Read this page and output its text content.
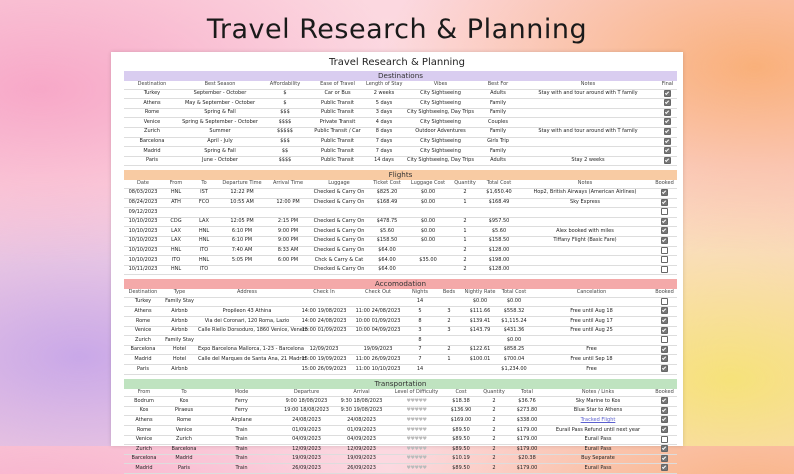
Travel Research & Planning
Travel Research & Planning
Destinations
Destination	Best Season	Affordability	Ease of Travel	Length of Stay	Vibes	Best For	Notes	Final
Turkey	September - October	$	Car or Bus	2 weeks	City Sightseeing	Adults	Stay with and tour around with T family	
Athens	May & September - October	$	Public Transit	5 days	City Sightseeing	Family		
Rome	Spring & Fall	$$$	Public Transit	3 days	City Sightseeing, Day Trips	Family		
Venice	Spring & September - October	$$$$	Private Transit	4 days	City Sightseeing	Couples		
Zurich	Summer	$$$$$	Public Transit / Car	8 days	Outdoor Adventures	Family	Stay with and tour around with T family	
Barcelona	April - July	$$$	Public Transit	7 days	City Sightseeing	Girls Trip		
Madrid	Spring & Fall	$$	Public Transit	7 days	City Sightseeing	Family		
Paris	June - October	$$$$	Public Transit	14 days	City Sightseeing, Day Trips	Adults	Stay 2 weeks	
Flights
Date	From	To	Departure Time	Arrival Time	Luggage	Ticket Cost	Luggage Cost	Quantity	Total Cost	Notes	Booked
08/03/2023	HNL	IST	12:22 PM		Checked & Carry On	$825.20	$0.00	2	$1,650.40	Hop2, British Airways (American Airlines)	
08/24/2023	ATH	FCO	10:55 AM	12:00 PM	Checked & Carry On	$168.49	$0.00	1	$168.49	Sky Express	
09/12/2023											
10/10/2023	CDG	LAX	12:05 PM	2:15 PM	Checked & Carry On	$478.75	$0.00	2	$957.50		
10/10/2023	LAX	HNL	6:10 PM	9:00 PM	Checked & Carry On	$5.60	$0.00	1	$5.60	Alex booked with miles	
10/10/2023	LAX	HNL	6:10 PM	9:00 PM	Checked & Carry On	$158.50	$0.00	1	$158.50	Tiffany Flight (Basic Fare)	
10/10/2023	HNL	ITO	7:40 AM	8:33 AM	Checked & Carry On	$64.00		2	$128.00		
10/10/2023	ITO	HNL	5:05 PM	6:00 PM	Chck & Carry & Cat	$64.00	$35.00	2	$198.00		
10/11/2023	HNL	ITO			Checked & Carry On	$64.00		2	$128.00		
Accomodation
Destination	Type	Address	Check In	Check Out	Nights	Beds	Nightly Rate	Total Cost	Cancelation	Booked
Turkey	Family Stay				14		$0.00	$0.00		
Athens	Airbnb	Propileon 43 Athina	14:00 19/08/2023	11:00 24/08/2023	5	3	$111.66	$558.32	Free until Aug 18	
Rome	Airbnb	Via dei Coronari, 120 Roma, Lazio	14:00 24/08/2023	10:00 01/09/2023	8	2	$139.41	$1,115.24	Free until Aug 17	
Venice	Airbnb	Calle Riello Dorsoduro, 1860 Venice, Veneto	15:00 01/09/2023	10:00 04/09/2023	3	3	$143.79	$431.36	Free until Aug 25	
Zurich	Family Stay				8			$0.00		
Barcelona	Hotel	Expo Barcelona Mallorca, 1-23 - Barcelona	12/09/2023	19/09/2023	7	2	$122.61	$858.25	Free	
Madrid	Hotel	Calle del Marques de Santa Ana, 21 Madrid	15:00 19/09/2023	11:00 26/09/2023	7	1	$100.01	$700.04	Free until Sep 18	
Paris	Airbnb		15:00 26/09/2023	11:00 10/10/2023	14			$1,234.00	Free	
Transportation
From	To	Mode	Departure	Arrival	Level of Difficulty	Cost	Quantity	Total	Notes / Links	Booked
Bodrum	Kos	Ferry	9:00 18/08/2023	9:30 18/08/2023	♥♥♥♥♥	$18.38	2	$36.76	Sky Marine to Kos	
Kos	Piraeus	Ferry	19:00 18/08/2023	9:30 19/08/2023	♥♥♥♥♥	$136.90	2	$273.80	Blue Star to Athens	
Athens	Rome	Airplane	24/08/2023	24/08/2023	♥♥♥♥♥	$169.00	2	$338.00	Tracked Flight	
Rome	Venice	Train	01/09/2023	01/09/2023	♥♥♥♥♥	$89.50	2	$179.00	Eurail Pass Refund until next year	
Venice	Zurich	Train	04/09/2023	04/09/2023	♥♥♥♥♥	$89.50	2	$179.00	Eurail Pass	
Zurich	Barcelona	Train	12/09/2023	12/09/2023	♥♥♥♥♥	$89.50	2	$179.00	Eurail Pass	
Barcelona	Madrid	Train	19/09/2023	19/09/2023	♥♥♥♥♥	$10.19	2	$20.38	Buy Separate	
Madrid	Paris	Train	26/09/2023	26/09/2023	♥♥♥♥♥	$89.50	2	$179.00	Eurail Pass	
